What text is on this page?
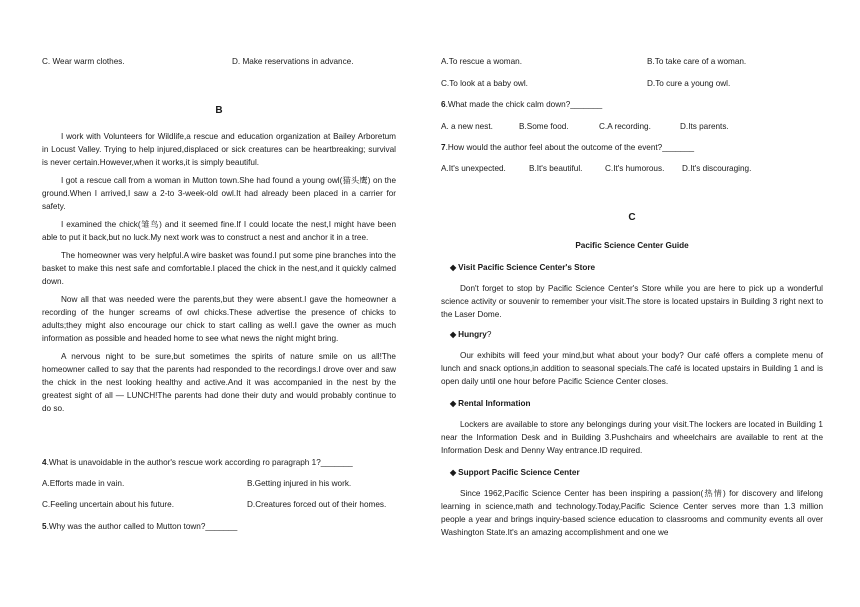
C. Wear warm clothes.	D. Make reservations in advance.
B

I work with Volunteers for Wildlife,a rescue and education organization at Bailey Arboretum in Locust Valley. Trying to help injured,displaced or sick creatures can be heartbreaking; survival is never certain.However,when it works,it is simply beautiful.

I got a rescue call from a woman in Mutton town.She had found a young owl(猫头鹰) on the ground.When I arrived,I saw a 2-to 3-week-old owl.It had already been placed in a carrier for safety.

I examined the chick(雏鸟) and it seemed fine.If I could locate the nest,I might have been able to put it back,but no luck.My next work was to construct a nest and anchor it in a tree.

The homeowner was very helpful.A wire basket was found.I put some pine branches into the basket to make this nest safe and comfortable.I placed the chick in the nest,and it quickly calmed down.

Now all that was needed were the parents,but they were absent.I gave the homeowner a recording of the hunger screams of owl chicks.These advertise the presence of chicks to adults;they might also encourage our chick to start calling as well.I gave the owner as much information as possible and headed home to see what news the night might bring.

A nervous night to be sure,but sometimes the spirits of nature smile on us all!The homeowner called to say that the parents had responded to the recordings.I drove over and saw the chick in the nest looking healthy and active.And it was accompanied in the nest by the greatest sight of all — LUNCH!The parents had done their duty and would probably continue to do so.

4.What is unavoidable in the author's rescue work according ro paragraph 1?_______
A.Efforts made in vain.	B.Getting injured in his work.
C.Feeling uncertain about his future.	D.Creatures forced out of their homes.
5.Why was the author called to Mutton town?_______
A.To rescue a woman.	B.To take care of a woman.
C.To look at a baby owl.	D.To cure a young owl.
6.What made the chick calm down?_______
A. a new nest.	B.Some food.	C.A recording.	D.Its parents.
7.How would the author feel about the outcome of the event?_______
A.It's unexpected.	B.It's beautiful.	C.It's humorous. D.It's discouraging.
C
Pacific Science Center Guide
◆ Visit Pacific Science Center's Store

Don't forget to stop by Pacific Science Center's Store while you are here to pick up a wonderful science activity or souvenir to remember your visit.The store is located upstairs in Building 3 right next to the Laser Dome.

◆ Hungry?

Our exhibits will feed your mind,but what about your body? Our café offers a complete menu of lunch and snack options,in addition to seasonal specials.The café is located upstairs in Building 1 and is open daily until one hour before Pacific Science Center closes.

◆ Rental Information

Lockers are available to store any belongings during your visit.The lockers are located in Building 1 near the Information Desk and in Building 3.Pushchairs and wheelchairs are available to rent at the Information Desk and Denny Way entrance.ID required.

◆ Support Pacific Science Center

Since 1962,Pacific Science Center has been inspiring a passion(热情) for discovery and lifelong learning in science,math and technology.Today,Pacific Science Center serves more than 1.3 million people a year and brings inquiry-based science education to classrooms and community events all over Washington State.It's an amazing accomplishment and one we
